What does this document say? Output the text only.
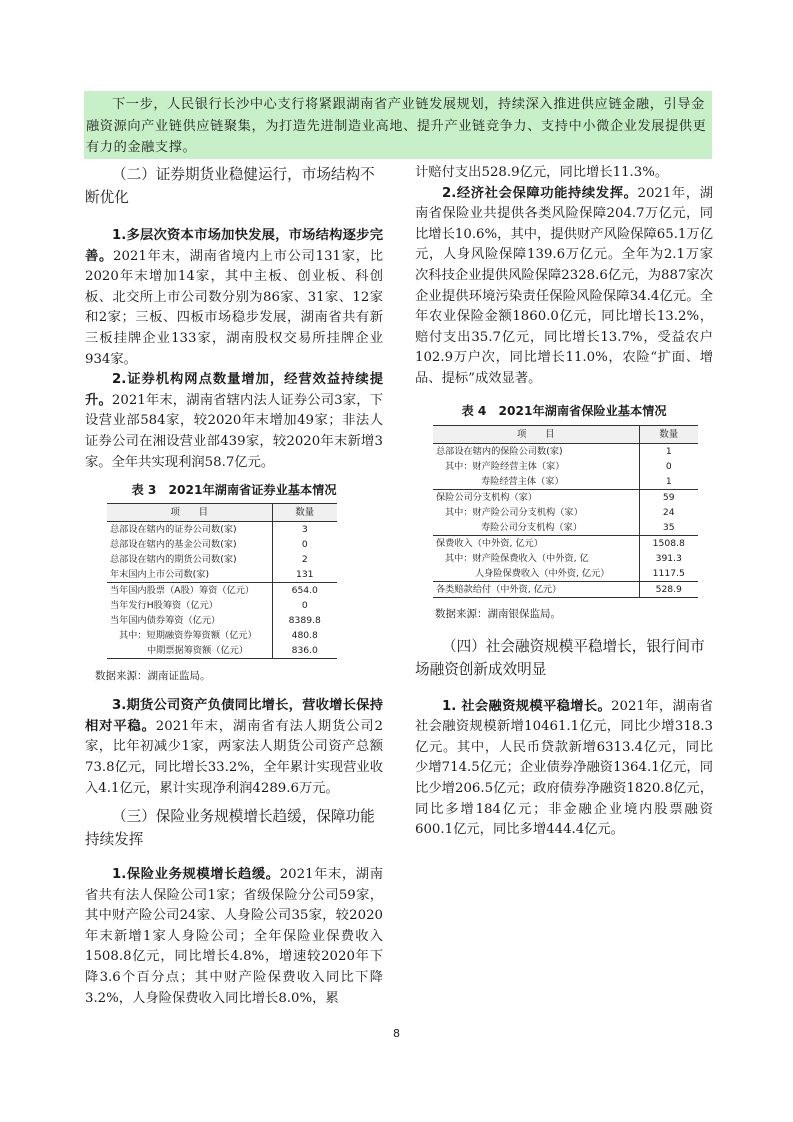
下一步，人民银行长沙中心支行将紧跟湖南省产业链发展规划，持续深入推进供应链金融，引导金融资源向产业链供应链聚集，为打造先进制造业高地、提升产业链竞争力、支持中小微企业发展提供更有力的金融支撑。

（二）证券期货业稳健运行，市场结构不断优化

1.多层次资本市场加快发展，市场结构逐步完善。2021年末，湖南省境内上市公司131家，比2020年末增加14家，其中主板、创业板、科创板、北交所上市公司数分别为86家、31家、12家和2家；三板、四板市场稳步发展，湖南省共有新三板挂牌企业133家，湖南股权交易所挂牌企业934家。

2.证券机构网点数量增加，经营效益持续提升。2021年末，湖南省辖内法人证券公司3家，下设营业部584家，较2020年末增加49家；非法人证券公司在湘设营业部439家，较2020年末新增3家。全年共实现利润58.7亿元。

表 3　2021年湖南省证券业基本情况

项　　目	数量
总部设在辖内的证券公司数(家)	3
总部设在辖内的基金公司数(家)	0
总部设在辖内的期货公司数(家)	2
年末国内上市公司数(家)	131
当年国内股票（A股）筹资（亿元）	654.0
当年发行H股筹资（亿元）	0
当年国内债券筹资（亿元）	8389.8
其中：短期融资券筹资额（亿元）	480.8
中期票据筹资额（亿元）	836.0

数据来源：湖南证监局。

3.期货公司资产负债同比增长，营收增长保持相对平稳。2021年末，湖南省有法人期货公司2家，比年初减少1家，两家法人期货公司资产总额73.8亿元，同比增长33.2%，全年累计实现营业收入4.1亿元，累计实现净利润4289.6万元。

（三）保险业务规模增长趋缓，保障功能持续发挥

1.保险业务规模增长趋缓。2021年末，湖南省共有法人保险公司1家；省级保险分公司59家，其中财产险公司24家、人身险公司35家，较2020年末新增1家人身险公司；全年保险业保费收入1508.8亿元，同比增长4.8%，增速较2020年下降3.6个百分点；其中财产险保费收入同比下降3.2%，人身险保费收入同比增长8.0%，累

计赔付支出528.9亿元，同比增长11.3%。

2.经济社会保障功能持续发挥。2021年，湖南省保险业共提供各类风险保障204.7万亿元，同比增长10.6%，其中，提供财产风险保障65.1万亿元，人身风险保障139.6万亿元。全年为2.1万家次科技企业提供风险保障2328.6亿元，为887家次企业提供环境污染责任保险风险保障34.4亿元。全年农业保险金额1860.0亿元，同比增长13.2%，赔付支出35.7亿元，同比增长13.7%，受益农户102.9万户次，同比增长11.0%，农险“扩面、增品、提标”成效显著。

表 4　2021年湖南省保险业基本情况

项　　目	数量
总部设在辖内的保险公司数(家)	1
其中：财产险经营主体（家）	0
寿险经营主体（家）	1
保险公司分支机构（家）	59
其中：财产险公司分支机构（家）	24
寿险公司分支机构（家）	35
保费收入（中外资, 亿元）	1508.8
其中：财产险保费收入（中外资, 亿	391.3
人身险保费收入（中外资, 亿元）	1117.5
各类赔款给付（中外资, 亿元）	528.9

数据来源：湖南银保监局。

（四）社会融资规模平稳增长，银行间市场融资创新成效明显

1. 社会融资规模平稳增长。2021年，湖南省社会融资规模新增10461.1亿元，同比少增318.3亿元。其中，人民币贷款新增6313.4亿元，同比少增714.5亿元；企业债券净融资1364.1亿元，同比少增206.5亿元；政府债券净融资1820.8亿元，同比多增184亿元；非金融企业境内股票融资600.1亿元，同比多增444.4亿元。

8
